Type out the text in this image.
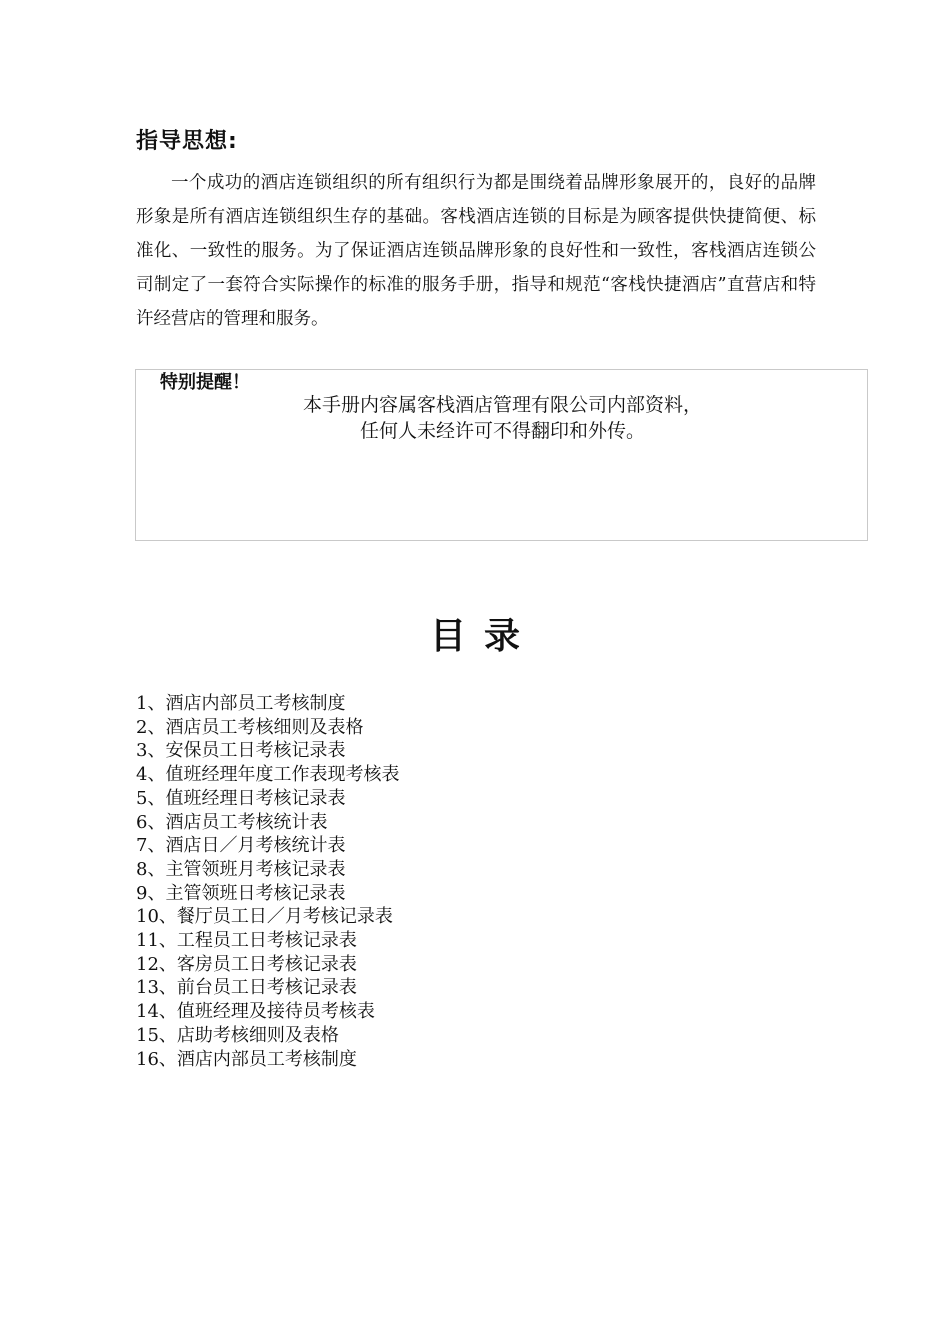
指导思想:

一个成功的酒店连锁组织的所有组织行为都是围绕着品牌形象展开的，良好的品牌形象是所有酒店连锁组织生存的基础。客栈酒店连锁的目标是为顾客提供快捷简便、标准化、一致性的服务。为了保证酒店连锁品牌形象的良好性和一致性，客栈酒店连锁公司制定了一套符合实际操作的标准的服务手册，指导和规范“客栈快捷酒店”直营店和特许经营店的管理和服务。

特别提醒！

本手册内容属客栈酒店管理有限公司内部资料，
任何人未经许可不得翻印和外传。

目录
1、酒店内部员工考核制度
2、酒店员工考核细则及表格
3、安保员工日考核记录表
4、值班经理年度工作表现考核表
5、值班经理日考核记录表
6、酒店员工考核统计表
7、酒店日／月考核统计表
8、主管领班月考核记录表
9、主管领班日考核记录表
10、餐厅员工日／月考核记录表
11、工程员工日考核记录表
12、客房员工日考核记录表
13、前台员工日考核记录表
14、值班经理及接待员考核表
15、店助考核细则及表格
16、酒店内部员工考核制度
